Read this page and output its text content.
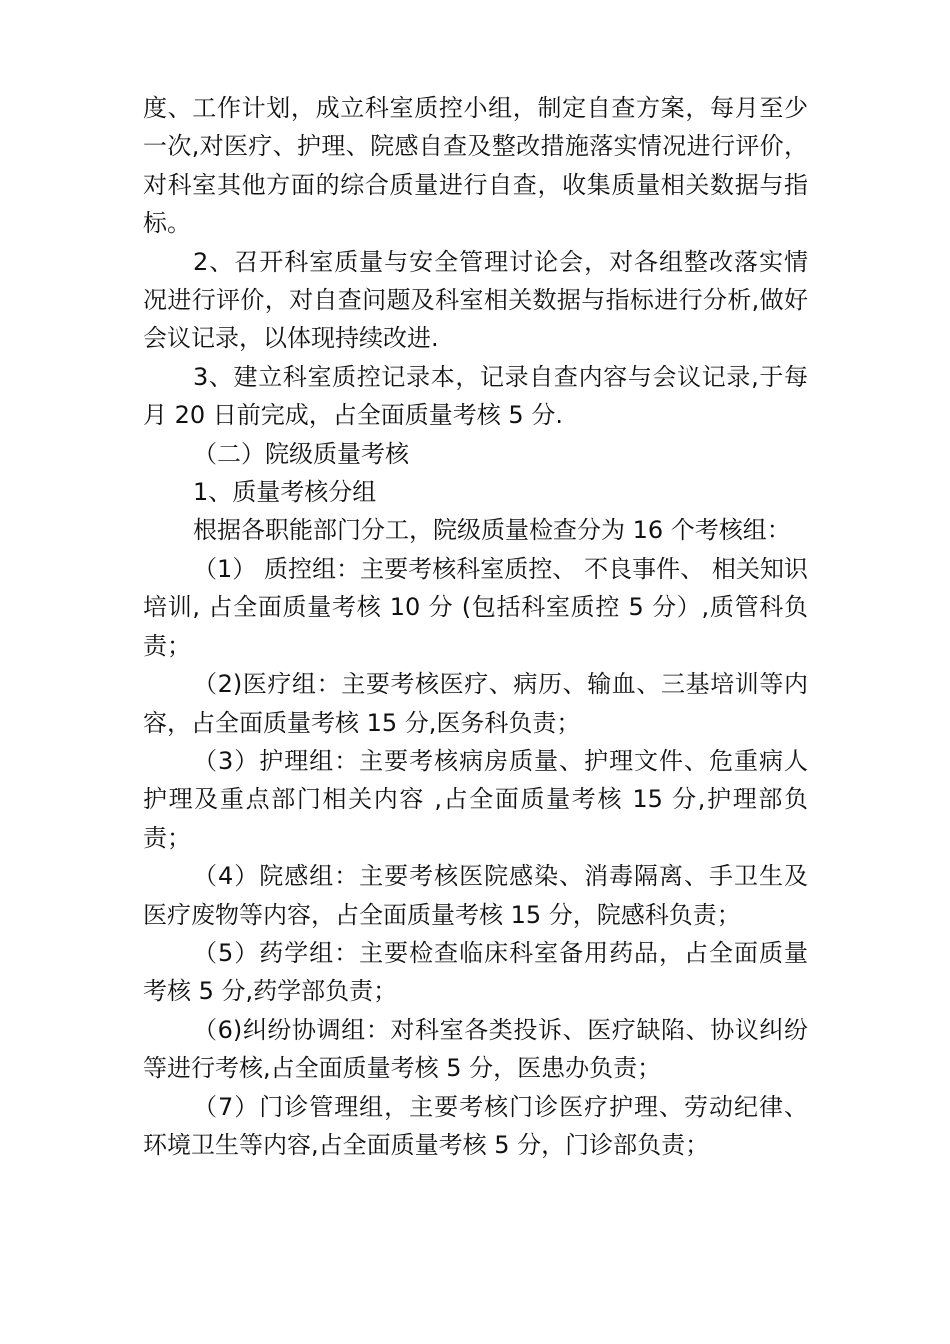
度、工作计划，成立科室质控小组，制定自查方案，每月至少一次,对医疗、护理、院感自查及整改措施落实情况进行评价，对科室其他方面的综合质量进行自查，收集质量相关数据与指标。

2、召开科室质量与安全管理讨论会，对各组整改落实情况进行评价，对自查问题及科室相关数据与指标进行分析,做好会议记录，以体现持续改进.

3、建立科室质控记录本，记录自查内容与会议记录,于每月 20 日前完成，占全面质量考核 5 分.

（二）院级质量考核

1、质量考核分组

根据各职能部门分工，院级质量检查分为 16 个考核组：

（1） 质控组：主要考核科室质控、 不良事件、 相关知识培训, 占全面质量考核 10 分 (包括科室质控 5 分）,质管科负责；

（2)医疗组：主要考核医疗、病历、输血、三基培训等内容，占全面质量考核 15 分,医务科负责；

（3）护理组：主要考核病房质量、护理文件、危重病人护理及重点部门相关内容 ,占全面质量考核 15 分,护理部负责；

（4）院感组：主要考核医院感染、消毒隔离、手卫生及医疗废物等内容，占全面质量考核 15 分，院感科负责；

（5）药学组：主要检查临床科室备用药品，占全面质量考核 5 分,药学部负责；

（6)纠纷协调组：对科室各类投诉、医疗缺陷、协议纠纷等进行考核,占全面质量考核 5 分，医患办负责；

（7）门诊管理组，主要考核门诊医疗护理、劳动纪律、环境卫生等内容,占全面质量考核 5 分，门诊部负责；
